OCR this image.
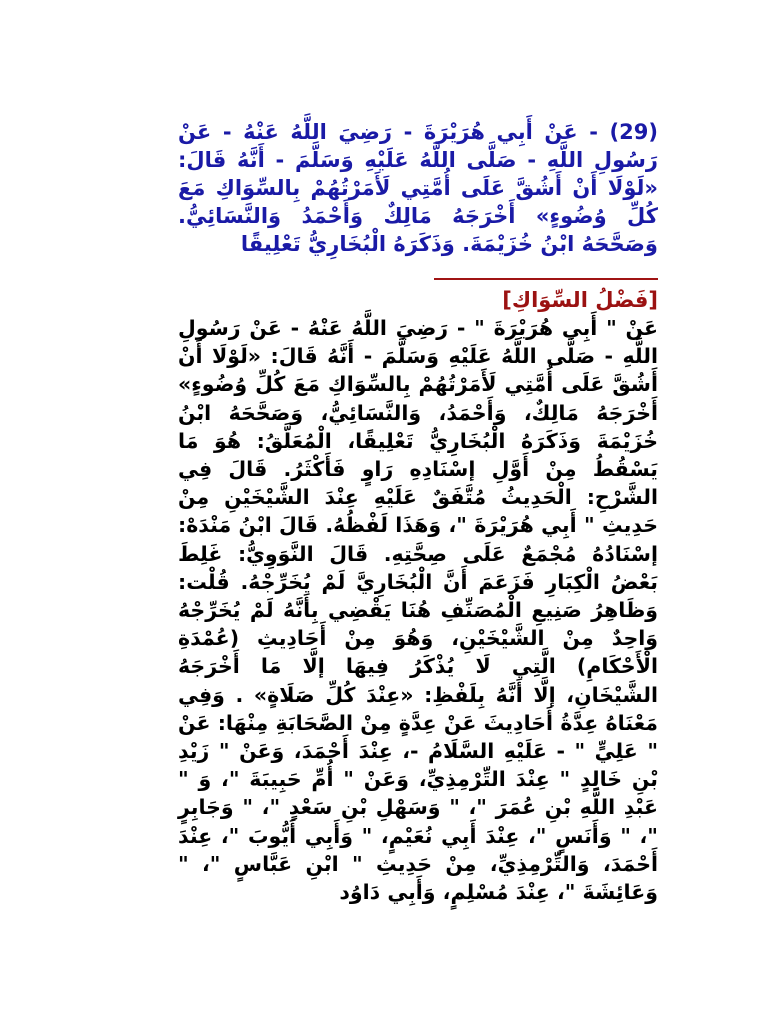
(29) - عَنْ أَبِي هُرَيْرَةَ - رَضِيَ اللَّهُ عَنْهُ - عَنْ رَسُولِ اللَّهِ - صَلَّى اللَّهُ عَلَيْهِ وَسَلَّمَ - أَنَّهُ قَالَ: «لَوْلَا أَنْ أَشُقَّ عَلَى أُمَّتِي لَأَمَرْتُهُمْ بِالسِّوَاكِ مَعَ كُلِّ وُضُوءٍ» أَخْرَجَهُ مَالِكٌ وَأَحْمَدُ وَالنَّسَائِيُّ. وَصَحَّحَهُ ابْنُ خُزَيْمَةَ. وَذَكَرَهُ الْبُخَارِيُّ تَعْلِيقًا

[فَضْلُ السِّوَاكِ]

عَنْ " أَبِي هُرَيْرَةَ " - رَضِيَ اللَّهُ عَنْهُ - عَنْ رَسُولِ اللَّهِ - صَلَّى اللَّهُ عَلَيْهِ وَسَلَّمَ - أَنَّهُ قَالَ: «لَوْلَا أَنْ أَشُقَّ عَلَى أُمَّتِي لَأَمَرْتُهُمْ بِالسِّوَاكِ مَعَ كُلِّ وُضُوءٍ» أَخْرَجَهُ مَالِكٌ، وَأَحْمَدُ، وَالنَّسَائِيُّ، وَصَحَّحَهُ ابْنُ خُزَيْمَةَ وَذَكَرَهُ الْبُخَارِيُّ تَعْلِيقًا، الْمُعَلَّقُ: هُوَ مَا يَسْقُطُ مِنْ أَوَّلِ إسْنَادِهِ رَاوٍ فَأَكْثَرُ. قَالَ فِي الشَّرْحِ: الْحَدِيثُ مُتَّفَقٌ عَلَيْهِ عِنْدَ الشَّيْخَيْنِ مِنْ حَدِيثِ " أَبِي هُرَيْرَةَ "، وَهَذَا لَفْظُهُ. قَالَ ابْنُ مَنْدَهْ: إسْنَادُهُ مُجْمَعٌ عَلَى صِحَّتِهِ. قَالَ النَّوَوِيُّ: غَلِطَ بَعْضُ الْكِبَارِ فَزَعَمَ أَنَّ الْبُخَارِيَّ لَمْ يُخَرِّجْهُ. قُلْت: وَظَاهِرُ صَنِيعِ الْمُصَنِّفِ هُنَا يَقْضِي بِأَنَّهُ لَمْ يُخَرِّجْهُ وَاحِدٌ مِنْ الشَّيْخَيْنِ، وَهُوَ مِنْ أَحَادِيثِ (عُمْدَةِ الْأَحْكَامِ) الَّتِي لَا يُذْكَرُ فِيهَا إلَّا مَا أَخْرَجَهُ الشَّيْخَانِ، إلَّا أَنَّهُ بِلَفْظِ: «عِنْدَ كُلِّ صَلَاةٍ» . وَفِي مَعْنَاهُ عِدَّةُ أَحَادِيثَ عَنْ عِدَّةٍ مِنْ الصَّحَابَةِ مِنْهَا: عَنْ " عَلِيٍّ " - عَلَيْهِ السَّلَامُ -، عِنْدَ أَحْمَدَ، وَعَنْ " زَيْدِ بْنِ خَالِدٍ " عِنْدَ التِّرْمِذِيِّ، وَعَنْ " أُمِّ حَبِيبَةَ "، وَ " عَبْدِ اللَّهِ بْنِ عُمَرَ "، " وَسَهْلِ بْنِ سَعْدٍ "، " وَجَابِرٍ "، " وَأَنَسٍ "، عِنْدَ أَبِي نُعَيْمٍ، " وَأَبِي أَيُّوبَ "، عِنْدَ أَحْمَدَ، وَالتِّرْمِذِيِّ، مِنْ حَدِيثِ " ابْنِ عَبَّاسٍ "، " وَعَائِشَةَ "، عِنْدَ مُسْلِمٍ، وَأَبِي دَاوُد
